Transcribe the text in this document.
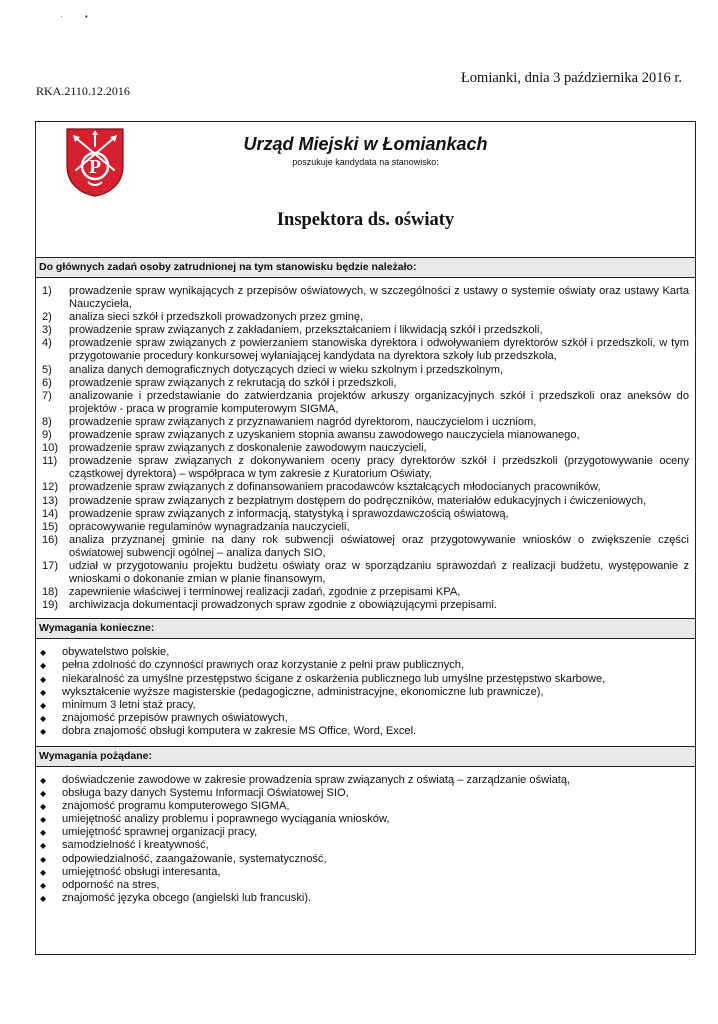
·          ▪
RKA.2110.12.2016
Łomianki, dnia 3 października 2016 r.
P
Urząd Miejski w Łomiankach
poszukuje kandydata na stanowisko:
Inspektora ds. oświaty
Do głównych zadań osoby zatrudnionej na tym stanowisku będzie należało:
1)	prowadzenie spraw wynikających z przepisów oświatowych, w szczególności z ustawy o systemie oświaty oraz ustawy Karta Nauczyciela,
2)	analiza sieci szkół i przedszkoli prowadzonych przez gminę,
3)	prowadzenie spraw związanych z zakładaniem, przekształcaniem i likwidacją szkół i przedszkoli,
4)	prowadzenie spraw związanych z powierzaniem stanowiska dyrektora i odwoływaniem dyrektorów szkół i przedszkoli, w tym przygotowanie procedury konkursowej wyłaniającej kandydata na dyrektora szkoły lub przedszkola,
5)	analiza danych demograficznych dotyczących dzieci w wieku szkolnym i przedszkolnym,
6)	prowadzenie spraw związanych z rekrutacją do szkół i przedszkoli,
7)	analizowanie i przedstawianie do zatwierdzania projektów arkuszy organizacyjnych szkół i przedszkoli oraz aneksów do projektów - praca w programie komputerowym SIGMA,
8)	prowadzenie spraw związanych z przyznawaniem nagród dyrektorom, nauczycielom i uczniom,
9)	prowadzenie spraw związanych z uzyskaniem stopnia awansu zawodowego nauczyciela mianowanego,
10) prowadzenie spraw związanych z doskonalenie zawodowym nauczycieli,
11)	prowadzenie spraw związanych z dokonywaniem oceny pracy dyrektorów szkół i przedszkoli (przygotowywanie oceny cząstkowej dyrektora) – współpraca w tym zakresie z Kuratorium Oświaty,
12) prowadzenie spraw związanych z dofinansowaniem pracodawców kształcących młodocianych pracowników,
13) prowadzenie spraw związanych z bezpłatnym dostępem do podręczników, materiałów edukacyjnych i ćwiczeniowych,
14) prowadzenie spraw związanych z informacją, statystyką i sprawozdawczością oświatową,
15) opracowywanie regulaminów wynagradzania nauczycieli,
16) analiza przyznanej gminie na dany rok subwencji oświatowej oraz przygotowywanie wniosków o zwiększenie części oświatowej subwencji ogólnej – analiza danych SIO,
17) udział w przygotowaniu projektu budżetu oświaty oraz w sporządzaniu sprawozdań z realizacji budżetu, występowanie z wnioskami o dokonanie zmian w planie finansowym,
18) zapewnienie właściwej i terminowej realizacji zadań, zgodnie z przepisami KPA,
19) archiwizacja dokumentacji prowadzonych spraw zgodnie z obowiązującymi przepisami.
Wymagania konieczne:
◆	obywatelstwo polskie,
◆	pełna zdolność do czynności prawnych oraz korzystanie z pełni praw publicznych,
◆	niekaralność za umyślne przestępstwo ścigane z oskarżenia publicznego lub umyślne przestępstwo skarbowe,
◆	wykształcenie wyższe magisterskie (pedagogiczne, administracyjne, ekonomiczne lub prawnicze),
◆	minimum 3 letni staż pracy,
◆	znajomość przepisów prawnych oświatowych,
◆	dobra znajomość obsługi komputera w zakresie MS Office, Word, Excel.
Wymagania pożądane:
◆	doświadczenie zawodowe w zakresie prowadzenia spraw związanych z oświatą – zarządzanie oświatą,
◆	obsługa bazy danych Systemu Informacji Oświatowej SIO,
◆	znajomość programu komputerowego SIGMA,
◆	umiejętność analizy problemu i poprawnego wyciągania wniosków,
◆	umiejętność sprawnej organizacji pracy,
◆	samodzielność i kreatywność,
◆	odpowiedzialność, zaangażowanie, systematyczność,
◆	umiejętność obsługi interesanta,
◆	odporność na stres,
◆	znajomość języka obcego (angielski lub francuski).
